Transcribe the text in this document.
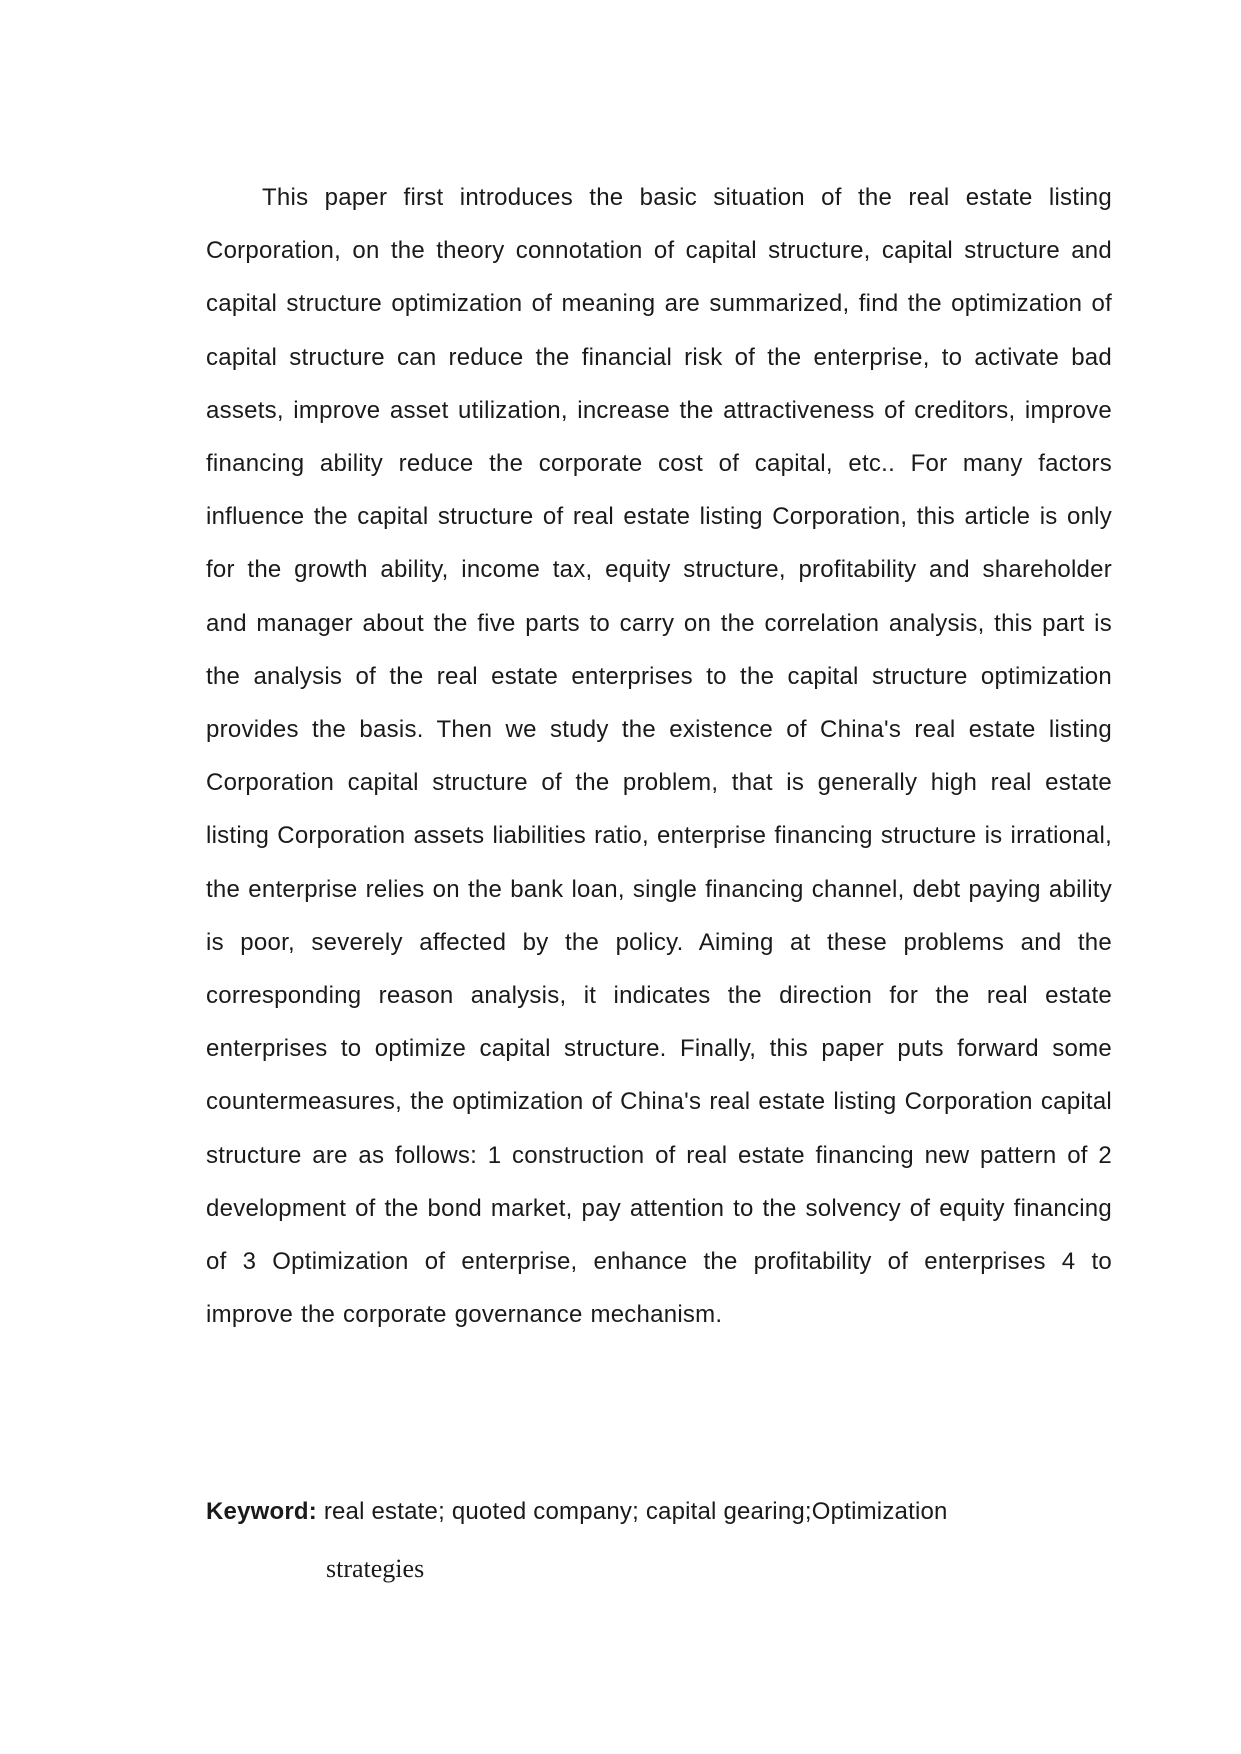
This paper first introduces the basic situation of the real estate listing Corporation, on the theory connotation of capital structure, capital structure and capital structure optimization of meaning are summarized, find the optimization of capital structure can reduce the financial risk of the enterprise, to activate bad assets, improve asset utilization, increase the attractiveness of creditors, improve financing ability reduce the corporate cost of capital, etc.. For many factors influence the capital structure of real estate listing Corporation, this article is only for the growth ability, income tax, equity structure, profitability and shareholder and manager about the five parts to carry on the correlation analysis, this part is the analysis of the real estate enterprises to the capital structure optimization provides the basis. Then we study the existence of China's real estate listing Corporation capital structure of the problem, that is generally high real estate listing Corporation assets liabilities ratio, enterprise financing structure is irrational, the enterprise relies on the bank loan, single financing channel, debt paying ability is poor, severely affected by the policy. Aiming at these problems and the corresponding reason analysis, it indicates the direction for the real estate enterprises to optimize capital structure. Finally, this paper puts forward some countermeasures, the optimization of China's real estate listing Corporation capital structure are as follows: 1 construction of real estate financing new pattern of 2 development of the bond market, pay attention to the solvency of equity financing of 3 Optimization of enterprise, enhance the profitability of enterprises 4 to improve the corporate governance mechanism.

Keyword: real estate; quoted company; capital gearing;Optimization

strategies
